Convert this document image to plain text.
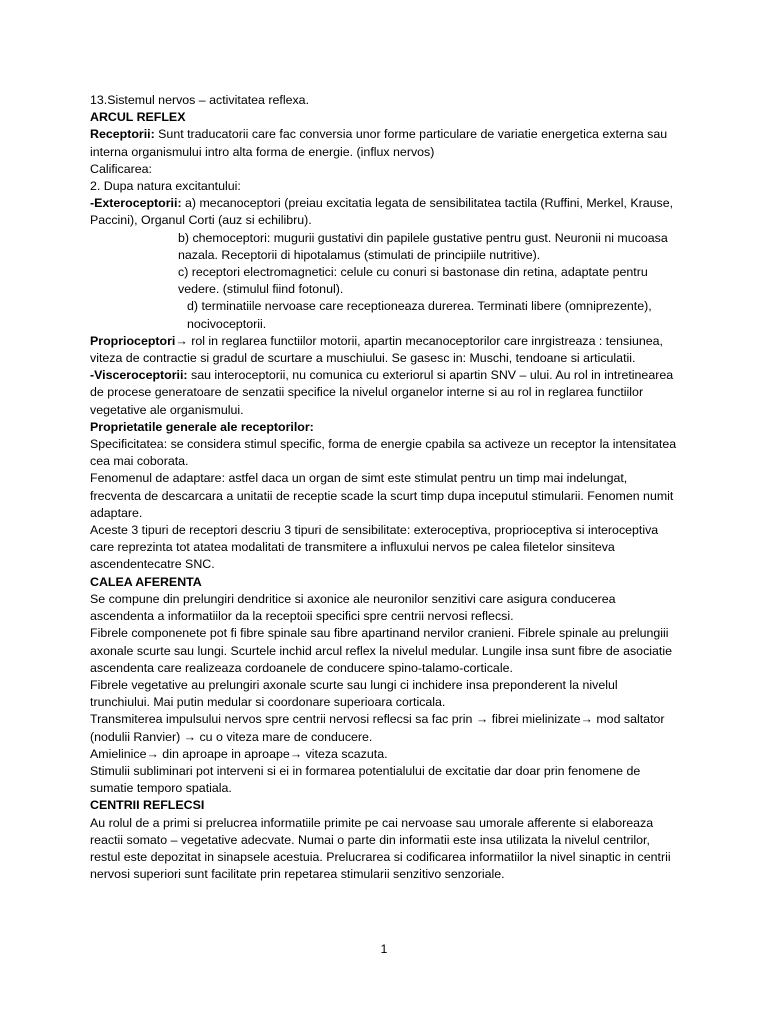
13.Sistemul nervos – activitatea reflexa.

ARCUL REFLEX

Receptorii: Sunt traducatorii care fac conversia unor forme particulare de variatie energetica externa sau interna organismului intro alta forma de energie. (influx nervos)

Calificarea:

2. Dupa natura excitantului:

-Exteroceptorii: a) mecanoceptori (preiau excitatia legata de sensibilitatea tactila (Ruffini, Merkel, Krause, Paccini), Organul Corti (auz si echilibru).

b) chemoceptori: mugurii gustativi din papilele gustative pentru gust. Neuronii ni mucoasa nazala. Receptorii di hipotalamus (stimulati de principiile nutritive).

c) receptori electromagnetici: celule cu conuri si bastonase din retina, adaptate pentru vedere. (stimulul fiind fotonul).

d) terminatiile nervoase care receptioneaza durerea. Terminati libere (omniprezente), nocivoceptorii.

Proprioceptori→ rol in reglarea functiilor motorii, apartin mecanoceptorilor care inrgistreaza : tensiunea, viteza de contractie si gradul de scurtare a muschiului. Se gasesc in: Muschi, tendoane si articulatii.

-Visceroceptorii: sau interoceptorii, nu comunica cu exteriorul si apartin SNV – ului. Au rol in intretinearea de procese generatoare de senzatii specifice la nivelul organelor interne si au rol in reglarea functiilor vegetative ale organismului.

Proprietatile generale ale receptorilor:

Specificitatea: se considera stimul specific, forma de energie cpabila sa activeze un receptor la intensitatea cea mai coborata.

Fenomenul de adaptare: astfel daca un organ de simt este stimulat pentru un timp mai indelungat, frecventa de descarcara a unitatii de receptie scade la scurt timp dupa inceputul stimularii. Fenomen numit adaptare.

Aceste 3 tipuri de receptori descriu 3 tipuri de sensibilitate: exteroceptiva, proprioceptiva si interoceptiva care reprezinta tot atatea modalitati de transmitere a influxului nervos pe calea filetelor sinsiteva ascendentecatre SNC.

CALEA AFERENTA

Se compune din prelungiri dendritice si axonice ale neuronilor senzitivi care asigura conducerea ascendenta a informatiilor da la receptoii specifici spre centrii nervosi reflecsi.

Fibrele componenete pot fi fibre spinale sau fibre apartinand nervilor cranieni. Fibrele spinale au prelungiii axonale scurte sau lungi. Scurtele inchid arcul reflex la nivelul medular. Lungile insa sunt fibre de asociatie ascendenta care realizeaza cordoanele de conducere spino-talamo-corticale.

Fibrele vegetative au prelungiri axonale scurte sau lungi ci inchidere insa preponderent la nivelul trunchiului. Mai putin medular si coordonare superioara corticala.

Transmiterea impulsului nervos spre centrii nervosi reflecsi sa fac prin → fibrei mielinizate→ mod saltator (nodulii Ranvier) → cu o viteza mare de conducere.

Amielinice→ din aproape in aproape→ viteza scazuta.

Stimulii subliminari pot interveni si ei in formarea potentialului de excitatie dar doar prin fenomene de sumatie temporo spatiala.

CENTRII REFLECSI

Au rolul de a primi si prelucrea informatiile primite pe cai nervoase sau umorale afferente si elaboreaza reactii somato – vegetative adecvate. Numai o parte din informatii este insa utilizata la nivelul centrilor, restul este depozitat in sinapsele acestuia. Prelucrarea si codificarea informatiilor la nivel sinaptic in centrii nervosi superiori sunt facilitate prin repetarea stimularii senzitivo senzoriale.

1
